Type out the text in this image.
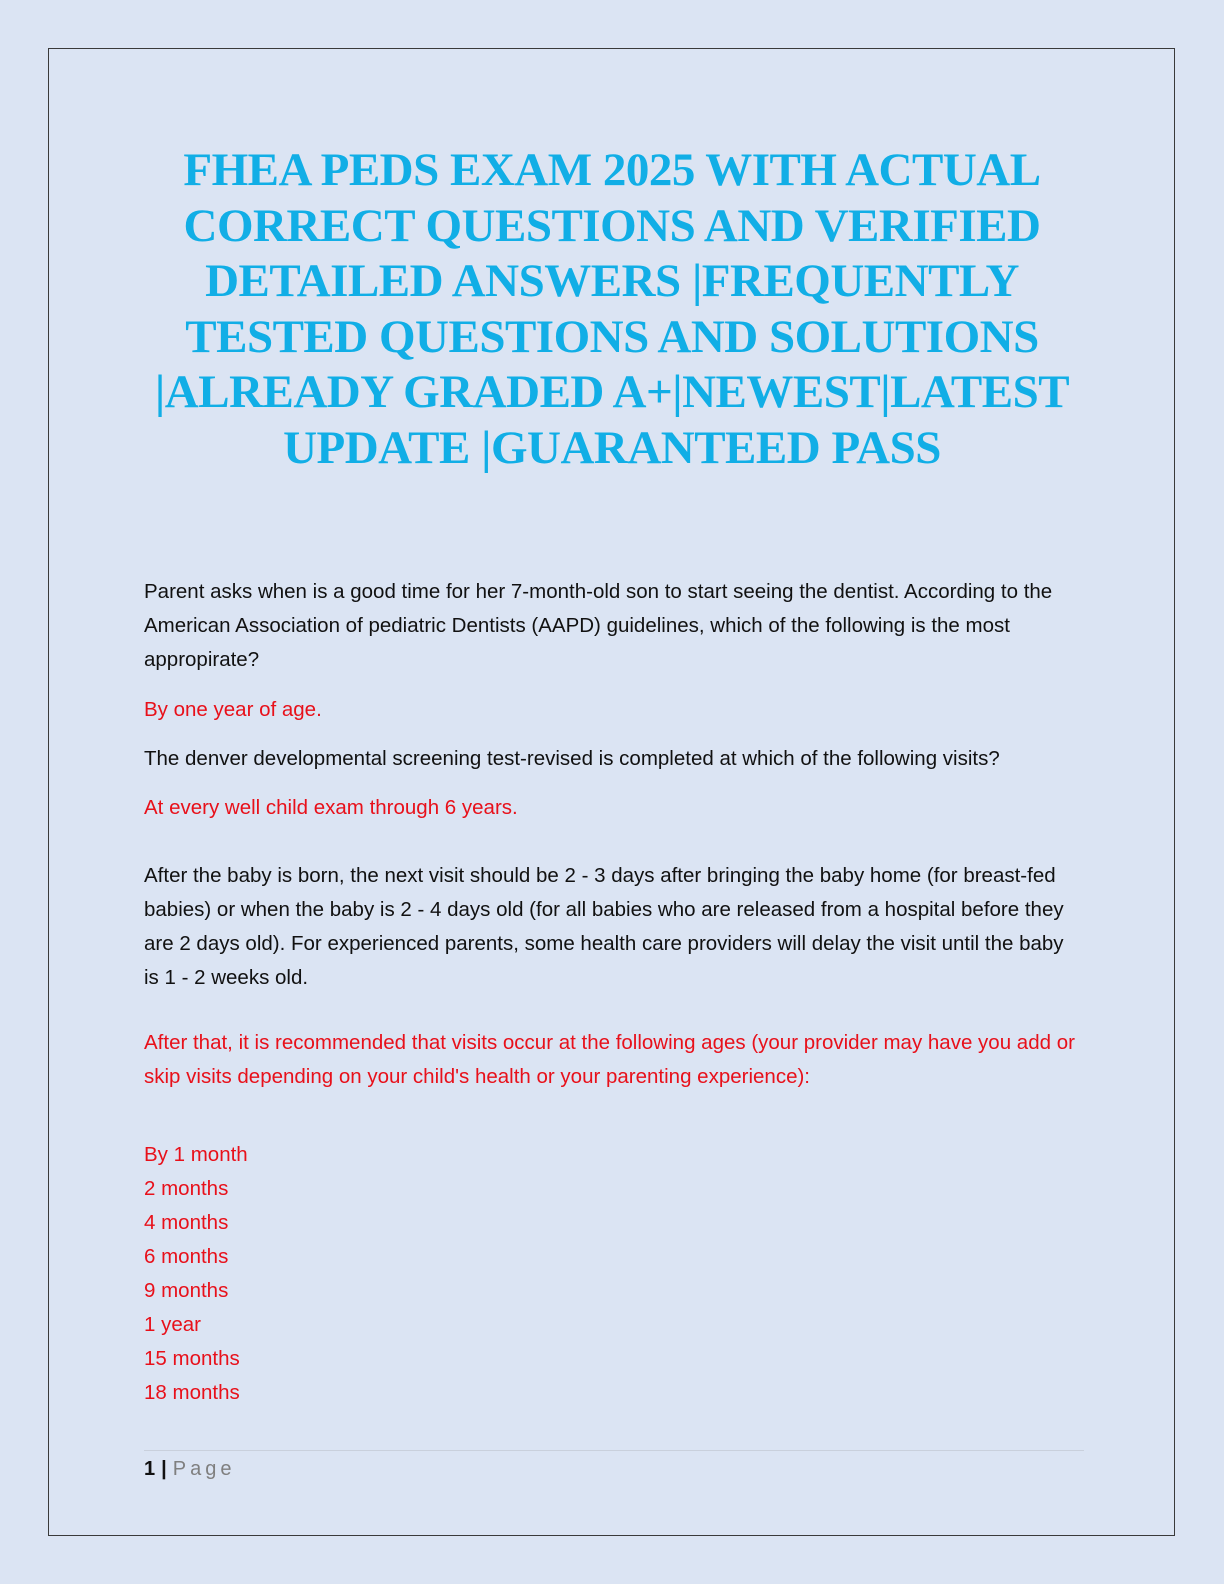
FHEA PEDS EXAM 2025 WITH ACTUAL CORRECT QUESTIONS AND VERIFIED DETAILED ANSWERS |FREQUENTLY TESTED QUESTIONS AND SOLUTIONS |ALREADY GRADED A+|NEWEST|LATEST UPDATE |GUARANTEED PASS

Parent asks when is a good time for her 7-month-old son to start seeing the dentist. According to the American Association of pediatric Dentists (AAPD) guidelines, which of the following is the most appropirate?

By one year of age.

The denver developmental screening test-revised is completed at which of the following visits?

At every well child exam through 6 years.

After the baby is born, the next visit should be 2 - 3 days after bringing the baby home (for breast-fed babies) or when the baby is 2 - 4 days old (for all babies who are released from a hospital before they are 2 days old). For experienced parents, some health care providers will delay the visit until the baby is 1 - 2 weeks old.

After that, it is recommended that visits occur at the following ages (your provider may have you add or skip visits depending on your child's health or your parenting experience):

By 1 month
2 months
4 months
6 months
9 months
1 year
15 months
18 months
1 | Page
